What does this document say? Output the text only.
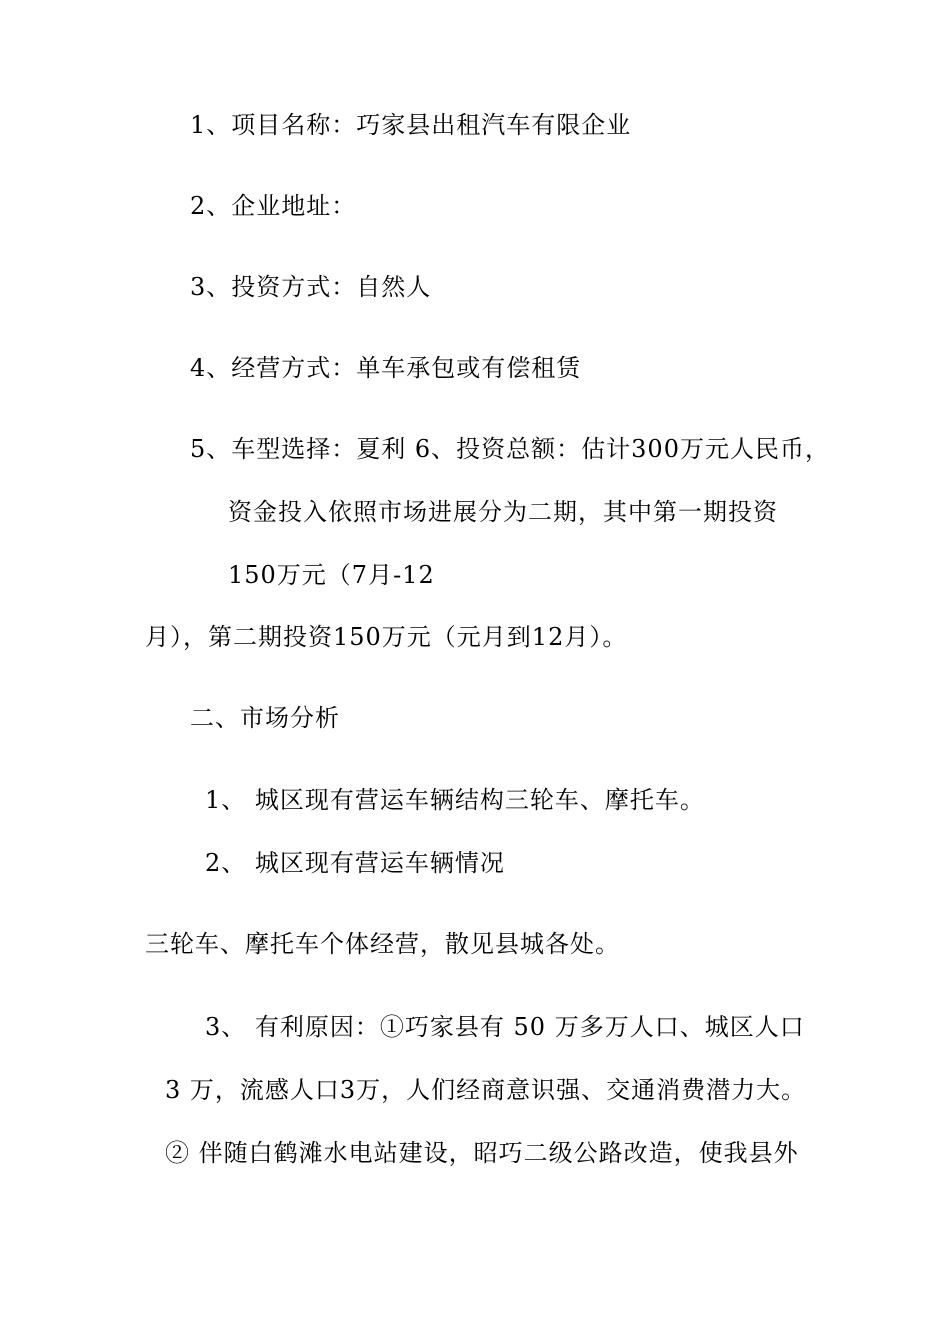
1、项目名称：巧家县出租汽车有限企业
2、企业地址：
3、投资方式：自然人
4、经营方式：单车承包或有偿租赁
5、车型选择：夏利 6、投资总额：估计300万元人民币，
资金投入依照市场进展分为二期，其中第一期投资
150万元（7月-12
月），第二期投资150万元（元月到12月）。
二、市场分析
1、 城区现有营运车辆结构三轮车、摩托车。
2、 城区现有营运车辆情况
三轮车、摩托车个体经营，散见县城各处。
3、 有利原因：①巧家县有 50 万多万人口、城区人口
3 万，流感人口3万，人们经商意识强、交通消费潜力大。
② 伴随白鹤滩水电站建设，昭巧二级公路改造，使我县外
